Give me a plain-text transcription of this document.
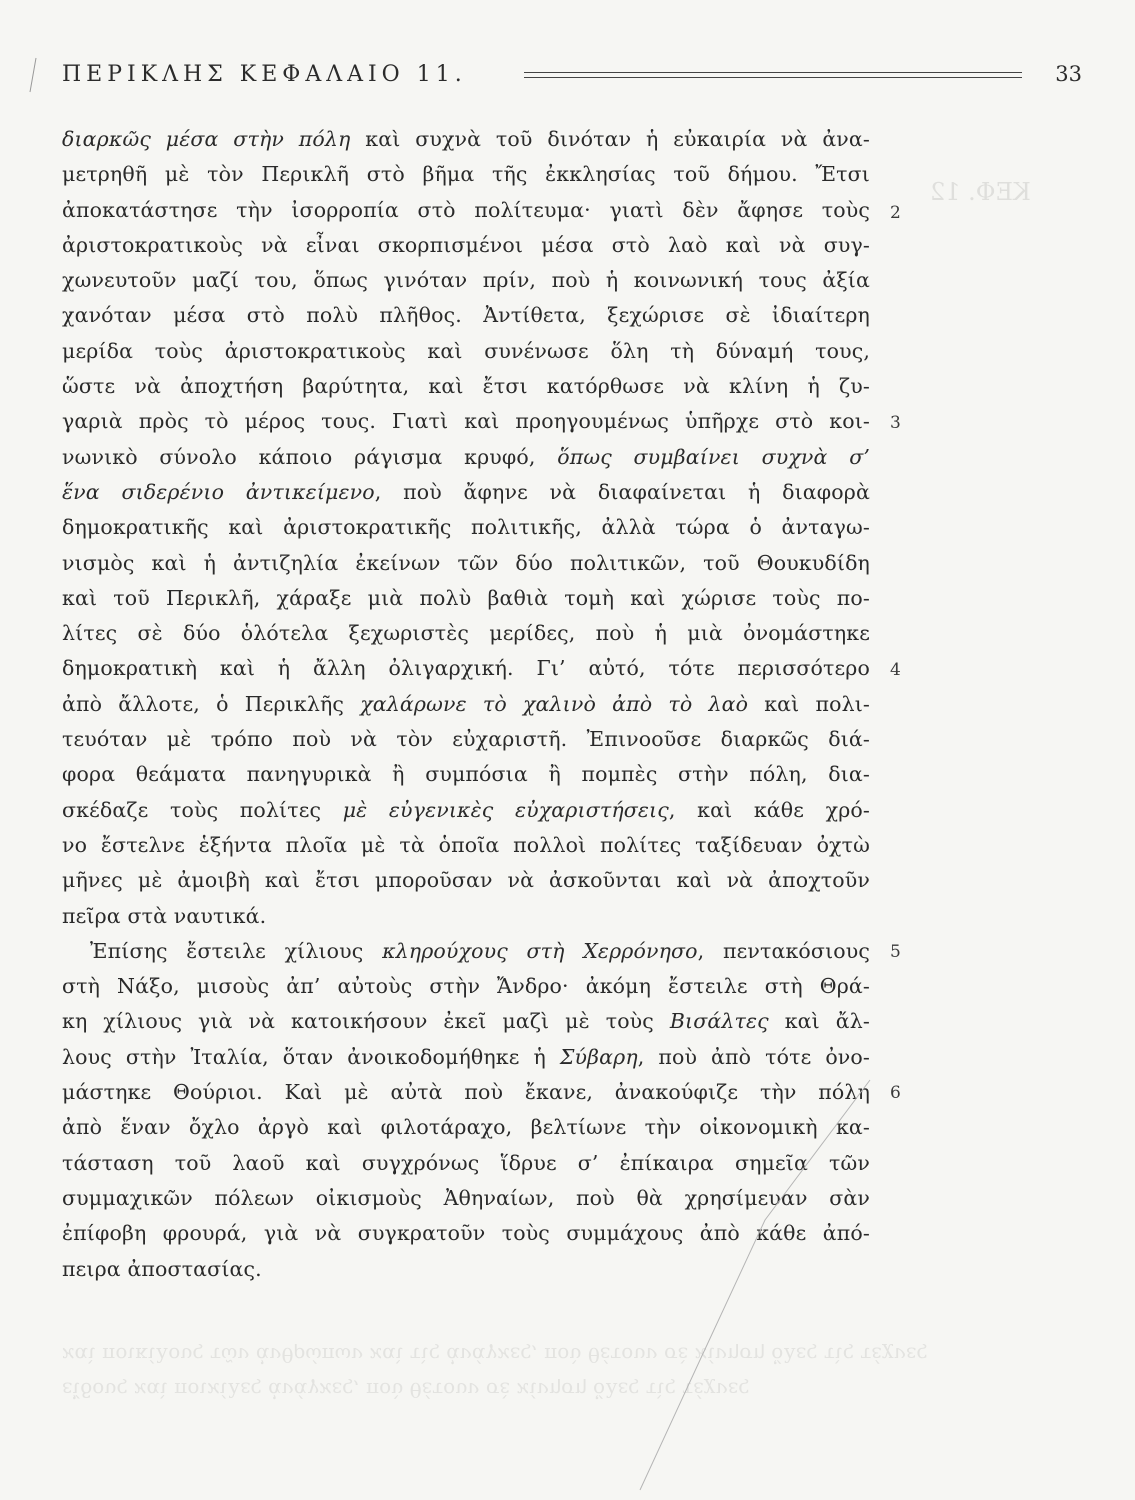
ΚΕΦ. 12
ϰαὶ ποικίλους τῶν ἀνθρώπων ϰαὶ τὶς ἀνάγϰες, ποὺ θέτουν σὲ ϰίνηση ὅλες τὶς τέχνες
εἴδους ϰαὶ ποιϰίλες ἀνάγϰες, ποὺ θέτουν σὲ ϰίνηση ὅλες τὶς τέχνες
ΠΕΡΙΚΛΗΣ ΚΕΦΑΛΑΙΟ 11.	33
διαρκῶς μέσα στὴν πόλη καὶ συχνὰ τοῦ δινόταν ἡ εὐκαιρία νὰ ἀνα-
μετρηθῆ μὲ τὸν Περικλῆ στὸ βῆμα τῆς ἐκκλησίας τοῦ δήμου. Ἔτσι
ἀποκατάστησε τὴν ἰσορροπία στὸ πολίτευμα· γιατὶ δὲν ἄφησε τοὺς
ἀριστοκρατικοὺς νὰ εἶναι σκορπισμένοι μέσα στὸ λαὸ καὶ νὰ συγ-
χωνευτοῦν μαζί του, ὅπως γινόταν πρίν, ποὺ ἡ κοινωνική τους ἀξία
χανόταν μέσα στὸ πολὺ πλῆθος. Ἀντίθετα, ξεχώρισε σὲ ἰδιαίτερη
μερίδα τοὺς ἀριστοκρατικοὺς καὶ συνένωσε ὅλη τὴ δύναμή τους,
ὥστε νὰ ἀποχτήση βαρύτητα, καὶ ἔτσι κατόρθωσε νὰ κλίνη ἡ ζυ-
γαριὰ πρὸς τὸ μέρος τους. Γιατὶ καὶ προηγουμένως ὑπῆρχε στὸ κοι-
νωνικὸ σύνολο κάποιο ράγισμα κρυφό, ὅπως συμβαίνει συχνὰ σ’
ἕνα σιδερένιο ἀντικείμενο, ποὺ ἄφηνε νὰ διαφαίνεται ἡ διαφορὰ
δημοκρατικῆς καὶ ἀριστοκρατικῆς πολιτικῆς, ἀλλὰ τώρα ὁ ἀνταγω-
νισμὸς καὶ ἡ ἀντιζηλία ἐκείνων τῶν δύο πολιτικῶν, τοῦ Θουκυδίδη
καὶ τοῦ Περικλῆ, χάραξε μιὰ πολὺ βαθιὰ τομὴ καὶ χώρισε τοὺς πο-
λίτες σὲ δύο ὁλότελα ξεχωριστὲς μερίδες, ποὺ ἡ μιὰ ὀνομάστηκε
δημοκρατικὴ καὶ ἡ ἄλλη ὀλιγαρχική. Γι’ αὐτό, τότε περισσότερο
ἀπὸ ἄλλοτε, ὁ Περικλῆς χαλάρωνε τὸ χαλινὸ ἀπὸ τὸ λαὸ καὶ πολι-
τευόταν μὲ τρόπο ποὺ νὰ τὸν εὐχαριστῆ. Ἐπινοοῦσε διαρκῶς διά-
φορα θεάματα πανηγυρικὰ ἢ συμπόσια ἢ πομπὲς στὴν πόλη, δια-
σκέδαζε τοὺς πολίτες μὲ εὐγενικὲς εὐχαριστήσεις, καὶ κάθε χρό-
νο ἔστελνε ἑξήντα πλοῖα μὲ τὰ ὁποῖα πολλοὶ πολίτες ταξίδευαν ὀχτὼ
μῆνες μὲ ἀμοιβὴ καὶ ἔτσι μποροῦσαν νὰ ἀσκοῦνται καὶ νὰ ἀποχτοῦν
πεῖρα στὰ ναυτικά.
Ἐπίσης ἔστειλε χίλιους κληρούχους στὴ Χερρόνησο, πεντακόσιους
στὴ Νάξο, μισοὺς ἀπ’ αὐτοὺς στὴν Ἄνδρο· ἀκόμη ἔστειλε στὴ Θρά-
κη χίλιους γιὰ νὰ κατοικήσουν ἐκεῖ μαζὶ μὲ τοὺς Βισάλτες καὶ ἄλ-
λους στὴν Ἰταλία, ὅταν ἀνοικοδομήθηκε ἡ Σύβαρη, ποὺ ἀπὸ τότε ὀνο-
μάστηκε Θούριοι. Καὶ μὲ αὐτὰ ποὺ ἔκανε, ἀνακούφιζε τὴν πόλη
ἀπὸ ἕναν ὄχλο ἀργὸ καὶ φιλοτάραχο, βελτίωνε τὴν οἰκονομικὴ κα-
τάσταση τοῦ λαοῦ καὶ συγχρόνως ἵδρυε σ’ ἐπίκαιρα σημεῖα τῶν
συμμαχικῶν πόλεων οἰκισμοὺς Ἀθηναίων, ποὺ θὰ χρησίμευαν σὰν
ἐπίφοβη φρουρά, γιὰ νὰ συγκρατοῦν τοὺς συμμάχους ἀπὸ κάθε ἀπό-
πειρα ἀποστασίας.
2
3
4
5
6
